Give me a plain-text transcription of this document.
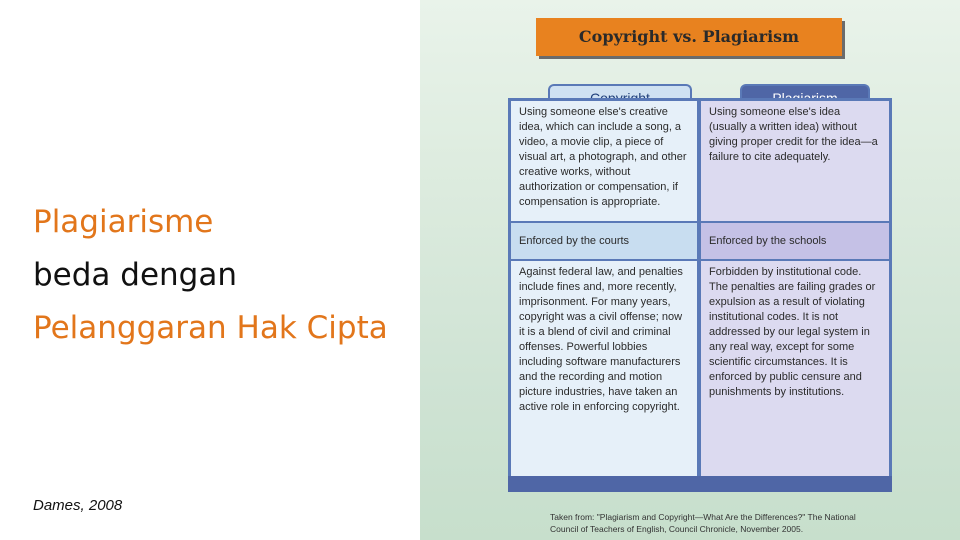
Plagiarisme
beda dengan
Pelanggaran Hak Cipta
Dames, 2008
Copyright vs. Plagiarism
Using someone else's creative idea, which can include a song, a video, a movie clip, a piece of visual art, a photograph, and other creative works, without authorization or compensation, if compensation is appropriate.
Using someone else's idea (usually a written idea) without giving proper credit for the idea—a failure to cite adequately.
Enforced by the courts	Enforced by the schools
Against federal law, and penalties include fines and, more recently, imprisonment. For many years, copyright was a civil offense; now it is a blend of civil and criminal offenses. Powerful lobbies including software manufacturers and the recording and motion picture industries, have taken an active role in enforcing copyright.
Forbidden by institutional code. The penalties are failing grades or expulsion as a result of violating institutional codes. It is not addressed by our legal system in any real way, except for some scientific circumstances. It is enforced by public censure and punishments by institutions.
Taken from: "Plagiarism and Copyright—What Are the Differences?" The National Council of Teachers of English, Council Chronicle, November 2005.
